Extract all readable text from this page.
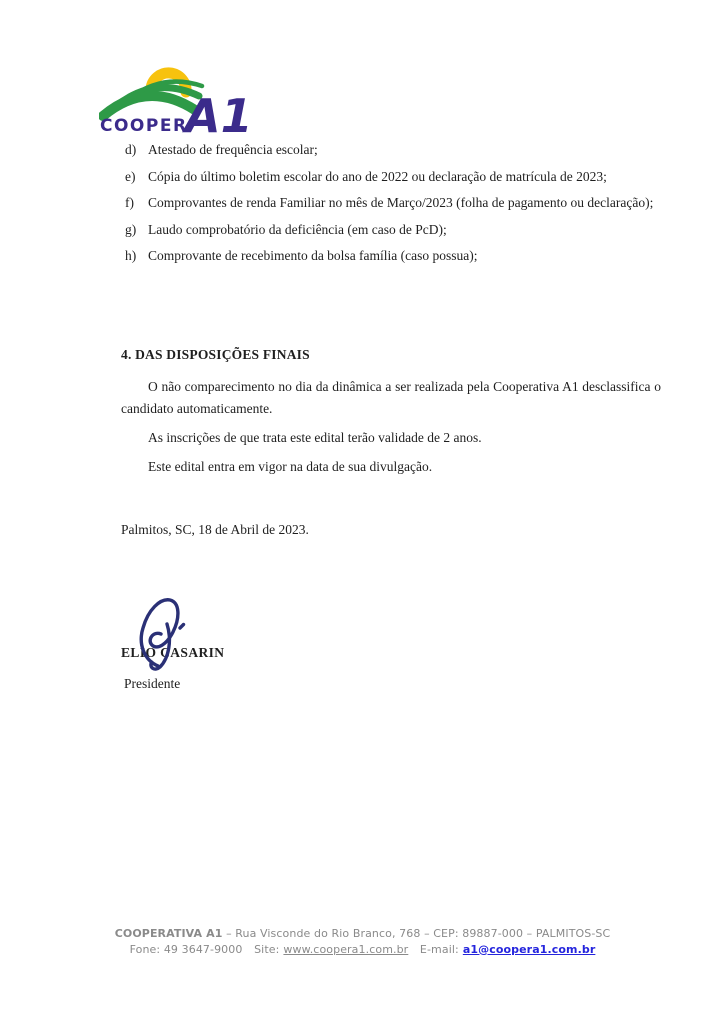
COOPER
A1
d) Atestado de frequência escolar;
e) Cópia do último boletim escolar do ano de 2022 ou declaração de matrícula de 2023;
f)	Comprovantes de renda Familiar no mês de Março/2023 (folha de pagamento ou declaração);
g) Laudo comprobatório da deficiência (em caso de PcD);
h) Comprovante de recebimento da bolsa família (caso possua);
4. DAS DISPOSIÇÕES FINAIS

O não comparecimento no dia da dinâmica a ser realizada pela Cooperativa A1 desclassifica o candidato automaticamente.

As inscrições de que trata este edital terão validade de 2 anos.

Este edital entra em vigor na data de sua divulgação.

Palmitos, SC, 18 de Abril de 2023.
ELIO CASARIN
Presidente
COOPERATIVA A1 – Rua Visconde do Rio Branco, 768 – CEP: 89887-000 – PALMITOS-SC
Fone: 49 3647-9000 Site: www.coopera1.com.br E-mail: a1@coopera1.com.br
